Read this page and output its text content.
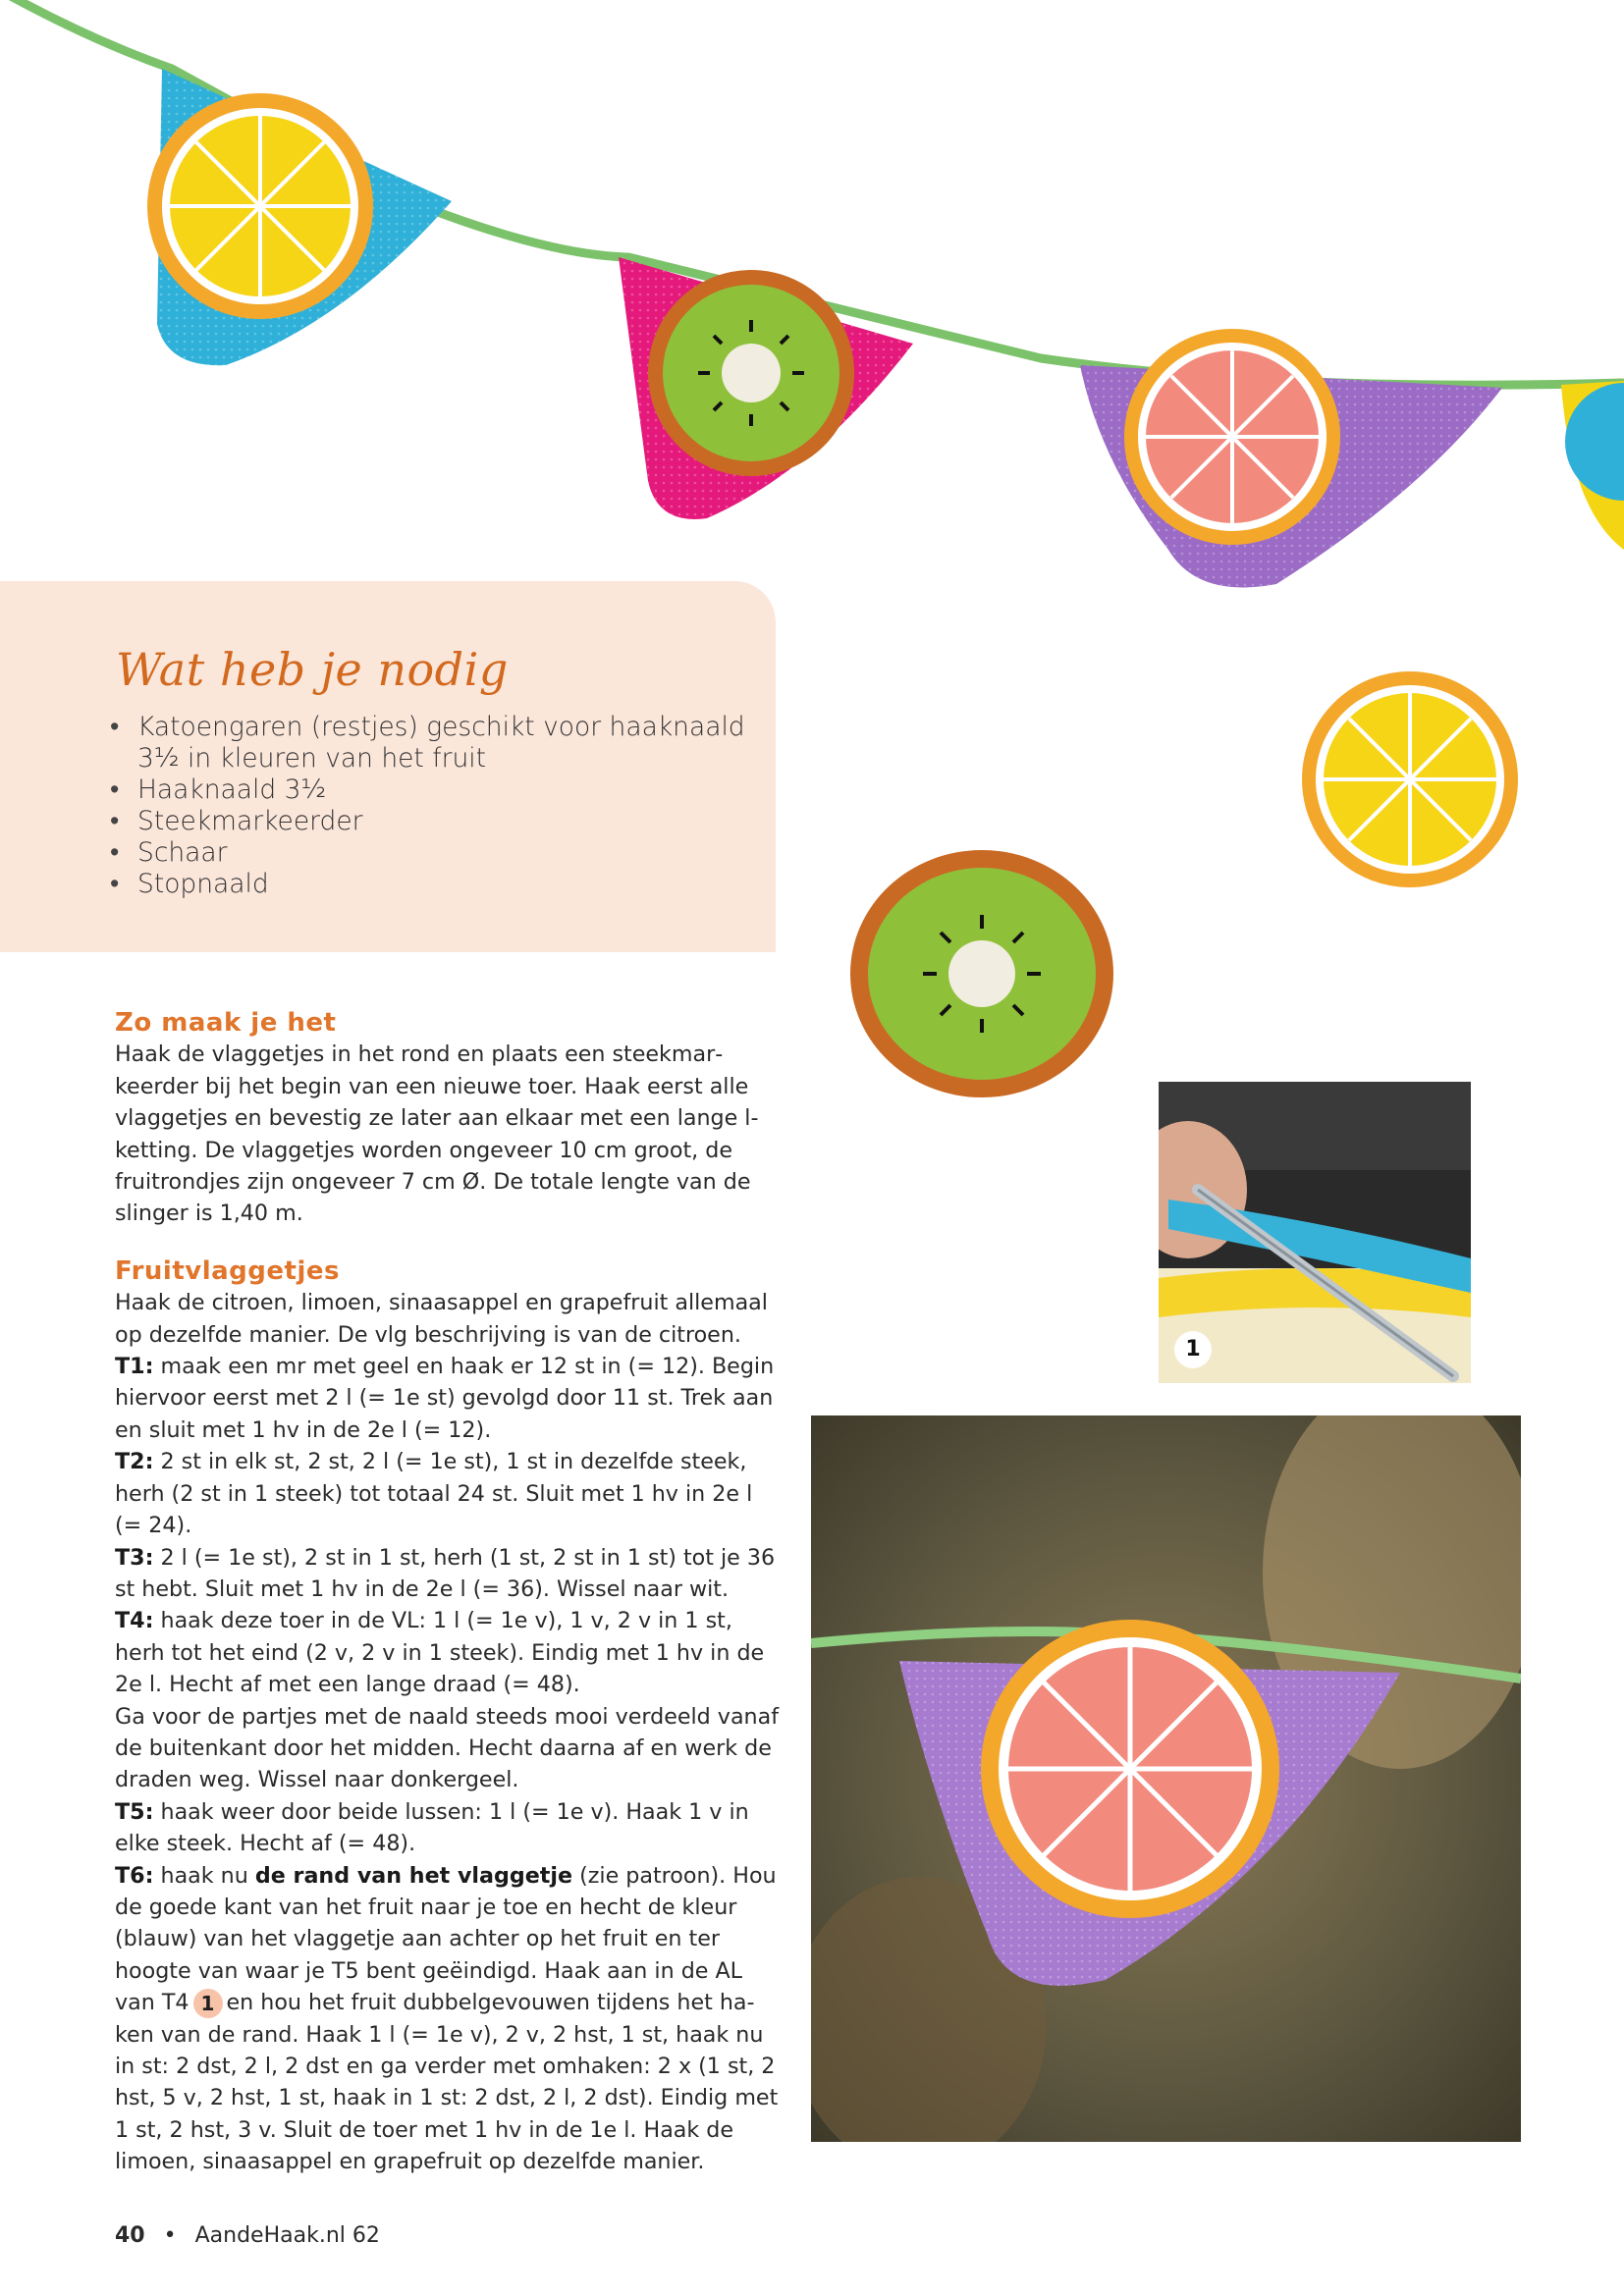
Wat heb je nodig
• Katoengaren (restjes) geschikt voor haaknaald 3½ in kleuren van het fruit
• Haaknaald 3½
• Steekmarkeerder
• Schaar
• Stopnaald
1
Zo maak je het

Haak de vlaggetjes in het rond en plaats een steekmarkeerder bij het begin van een nieuwe toer. Haak eerst alle vlaggetjes en bevestig ze later aan elkaar met een lange l-ketting. De vlaggetjes worden ongeveer 10 cm groot, de fruitrondjes zijn ongeveer 7 cm Ø. De totale lengte van de slinger is 1,40 m.

Fruitvlaggetjes

Haak de citroen, limoen, sinaasappel en grapefruit allemaal op dezelfde manier. De vlg beschrijving is van de citroen.

T1: maak een mr met geel en haak er 12 st in (= 12). Begin hiervoor eerst met 2 l (= 1e st) gevolgd door 11 st. Trek aan en sluit met 1 hv in de 2e l (= 12).

T2: 2 st in elk st, 2 st, 2 l (= 1e st), 1 st in dezelfde steek, herh (2 st in 1 steek) tot totaal 24 st. Sluit met 1 hv in 2e l (= 24).

T3: 2 l (= 1e st), 2 st in 1 st, herh (1 st, 2 st in 1 st) tot je 36 st hebt. Sluit met 1 hv in de 2e l (= 36). Wissel naar wit.

T4: haak deze toer in de VL: 1 l (= 1e v), 1 v, 2 v in 1 st, herh tot het eind (2 v, 2 v in 1 steek). Eindig met 1 hv in de 2e l. Hecht af met een lange draad (= 48).

Ga voor de partjes met de naald steeds mooi verdeeld vanaf de buitenkant door het midden. Hecht daarna af en werk de draden weg. Wissel naar donkergeel.

T5: haak weer door beide lussen: 1 l (= 1e v). Haak 1 v in elke steek. Hecht af (= 48).

T6: haak nu de rand van het vlaggetje (zie patroon). Hou de goede kant van het fruit naar je toe en hecht de kleur (blauw) van het vlaggetje aan achter op het fruit en ter hoogte van waar je T5 bent geëindigd. Haak aan in de AL van T4 1 en hou het fruit dubbelgevouwen tijdens het haken van de rand. Haak 1 l (= 1e v), 2 v, 2 hst, 1 st, haak nu in st: 2 dst, 2 l, 2 dst en ga verder met omhaken: 2 x (1 st, 2 hst, 5 v, 2 hst, 1 st, haak in 1 st: 2 dst, 2 l, 2 dst). Eindig met 1 st, 2 hst, 3 v. Sluit de toer met 1 hv in de 1e l. Haak de limoen, sinaasappel en grapefruit op dezelfde manier.

40 • AandeHaak.nl 62
